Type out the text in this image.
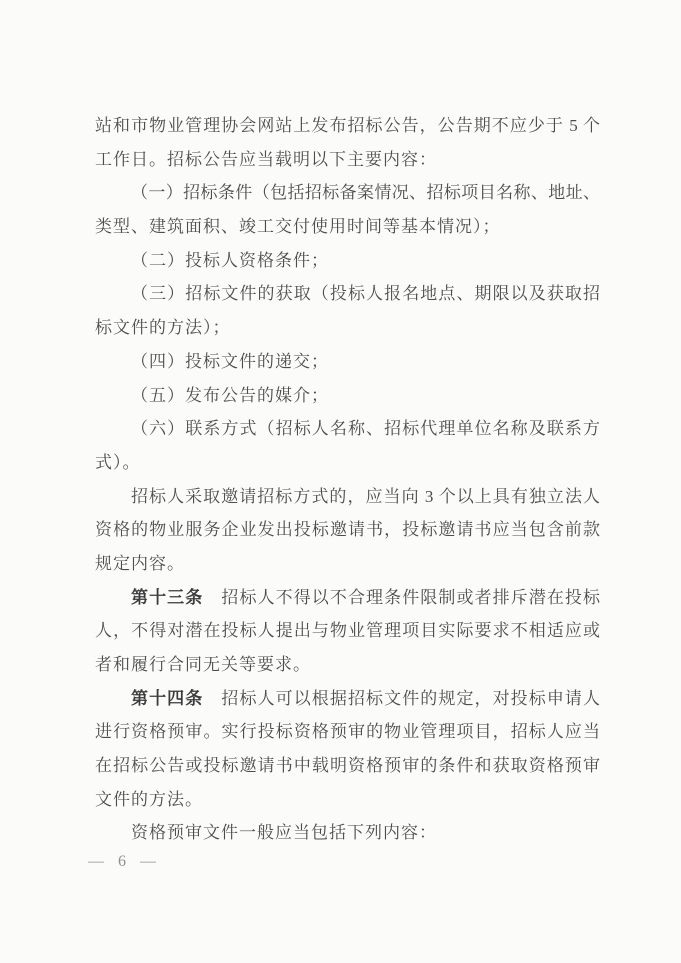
站和市物业管理协会网站上发布招标公告，公告期不应少于 5 个
工作日。招标公告应当载明以下主要内容：
（一）招标条件（包括招标备案情况、招标项目名称、地址、
类型、建筑面积、竣工交付使用时间等基本情况）；
（二）投标人资格条件；
（三）招标文件的获取（投标人报名地点、期限以及获取招
标文件的方法）；
（四）投标文件的递交；
（五）发布公告的媒介；
（六）联系方式（招标人名称、招标代理单位名称及联系方
式）。
招标人采取邀请招标方式的，应当向 3 个以上具有独立法人
资格的物业服务企业发出投标邀请书，投标邀请书应当包含前款
规定内容。
第十三条　招标人不得以不合理条件限制或者排斥潜在投标
人，不得对潜在投标人提出与物业管理项目实际要求不相适应或
者和履行合同无关等要求。
第十四条　招标人可以根据招标文件的规定，对投标申请人
进行资格预审。实行投标资格预审的物业管理项目，招标人应当
在招标公告或投标邀请书中载明资格预审的条件和获取资格预审
文件的方法。
资格预审文件一般应当包括下列内容：
— 6 —
